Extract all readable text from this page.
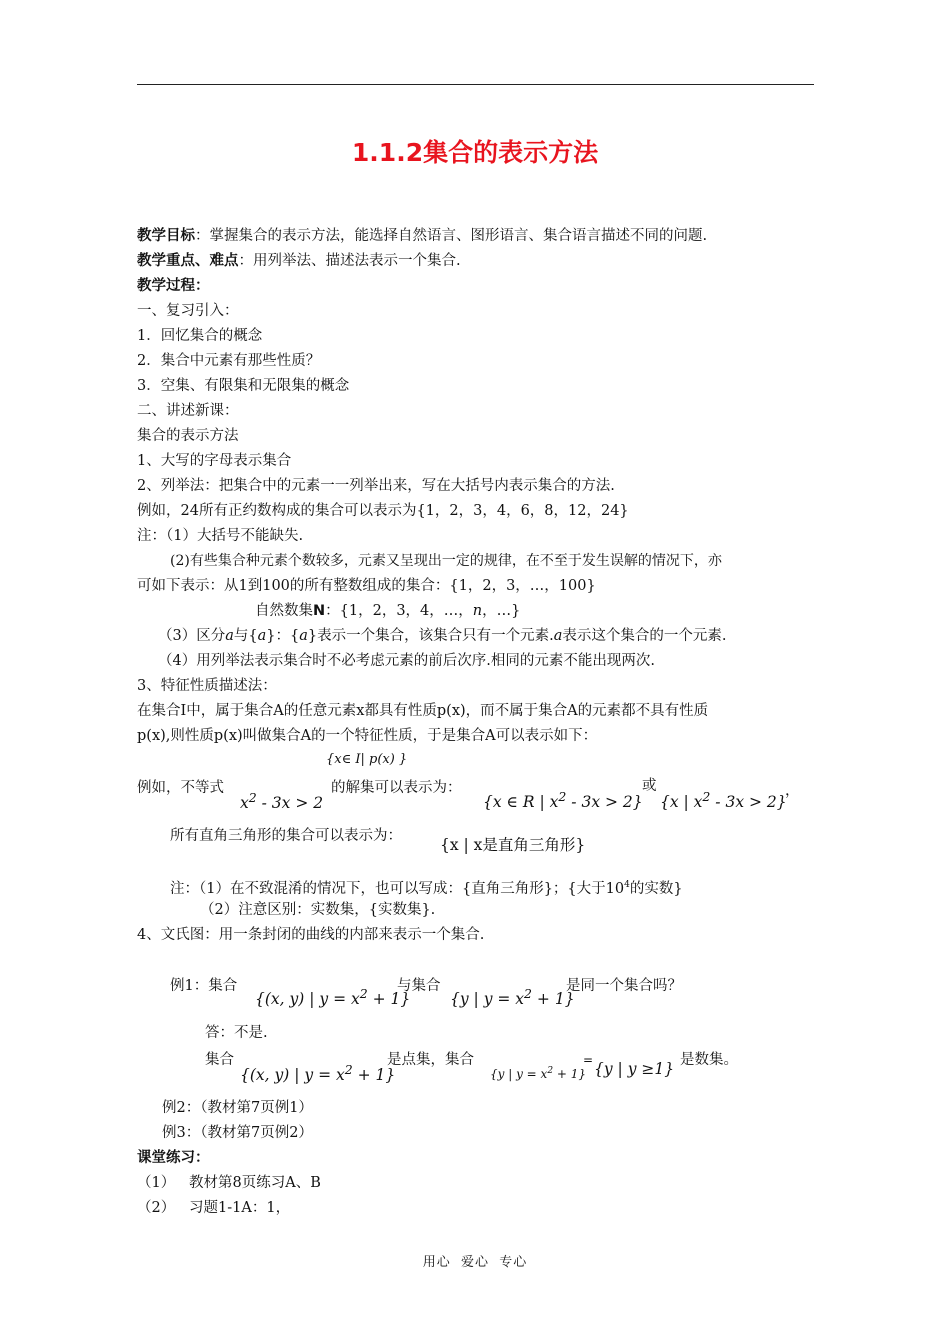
1.1.2集合的表示方法
教学目标：掌握集合的表示方法，能选择自然语言、图形语言、集合语言描述不同的问题.
教学重点、难点：用列举法、描述法表示一个集合.
教学过程：
一、复习引入：
1．回忆集合的概念
2．集合中元素有那些性质？
3．空集、有限集和无限集的概念
二、讲述新课：
集合的表示方法
1、大写的字母表示集合
2、列举法：把集合中的元素一一列举出来，写在大括号内表示集合的方法.
例如，24所有正约数构成的集合可以表示为{1，2，3，4，6，8，12，24}
注：（1）大括号不能缺失.
(2)有些集合种元素个数较多，元素又呈现出一定的规律，在不至于发生误解的情况下，亦
可如下表示：从1到100的所有整数组成的集合：{1，2，3，…，100}
自然数集N：{1，2，3，4，…，n，…}
（3）区分a与{a}：{a}表示一个集合，该集合只有一个元素.a表示这个集合的一个元素.
（4）用列举法表示集合时不必考虑元素的前后次序.相同的元素不能出现两次.
3、特征性质描述法：
在集合I中，属于集合A的任意元素x都具有性质p(x)，而不属于集合A的元素都不具有性质
p(x),则性质p(x)叫做集合A的一个特征性质，于是集合A可以表示如下：
{x∈ I| p(x) }
例如，不等式
$x^2 - 3x > 2$
的解集可以表示为：
{x ∈ R | $x^2 - 3x > 2$}
或
{x | $x^2 - 3x > 2$}
，
所有直角三角形的集合可以表示为： {x | x是直角三角形}
注：（1）在不致混淆的情况下，也可以写成：{直角三角形}；{大于$10^4$的实数}
（2）注意区别：实数集，{实数集}.
4、文氏图：用一条封闭的曲线的内部来表示一个集合.
例1：集合
{(x, y) | $y = x^2 + 1$}
与集合
{y | $y = x^2 + 1$}
是同一个集合吗？
答：不是.
集合
{(x, y) | $y = x^2 + 1$}
是点集，集合
{y | $y = x^2 + 1$}
= {y | y ≥1} 是数集。
例2：（教材第7页例1）
例3：（教材第7页例2）
课堂练习：
（1）   教材第8页练习A、B
（2）   习题1-1A：1，
用心  爱心  专心
